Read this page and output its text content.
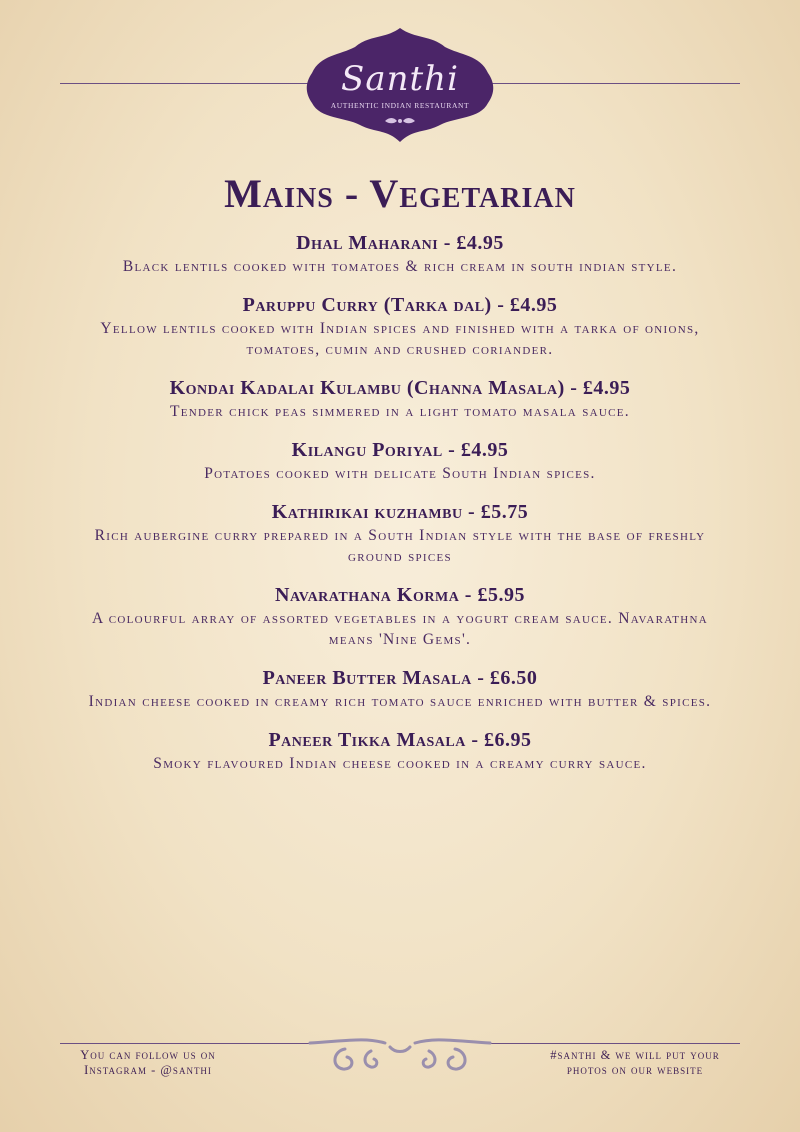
Santhi
AUTHENTIC INDIAN RESTAURANT
Mains - Vegetarian
Dhal Maharani - £4.95
Black lentils cooked with tomatoes & rich cream in south indian style.
Paruppu Curry (Tarka dal) - £4.95
Yellow lentils cooked with Indian spices and finished with a tarka of onions, tomatoes, cumin and crushed coriander.
Kondai Kadalai Kulambu (Channa Masala) - £4.95
Tender chick peas simmered in a light tomato masala sauce.
Kilangu Poriyal - £4.95
Potatoes cooked with delicate South Indian spices.
Kathirikai kuzhambu - £5.75
Rich aubergine curry prepared in a South Indian style with the base of freshly ground spices
Navarathana Korma - £5.95
A colourful array of assorted vegetables in a yogurt cream sauce. Navarathna means 'Nine Gems'.
Paneer Butter Masala - £6.50
Indian cheese cooked in creamy rich tomato sauce enriched with butter & spices.
Paneer Tikka Masala - £6.95
Smoky flavoured Indian cheese cooked in a creamy curry sauce.
You can follow us on Instagram - @santhi
#santhi & we will put your photos on our website
